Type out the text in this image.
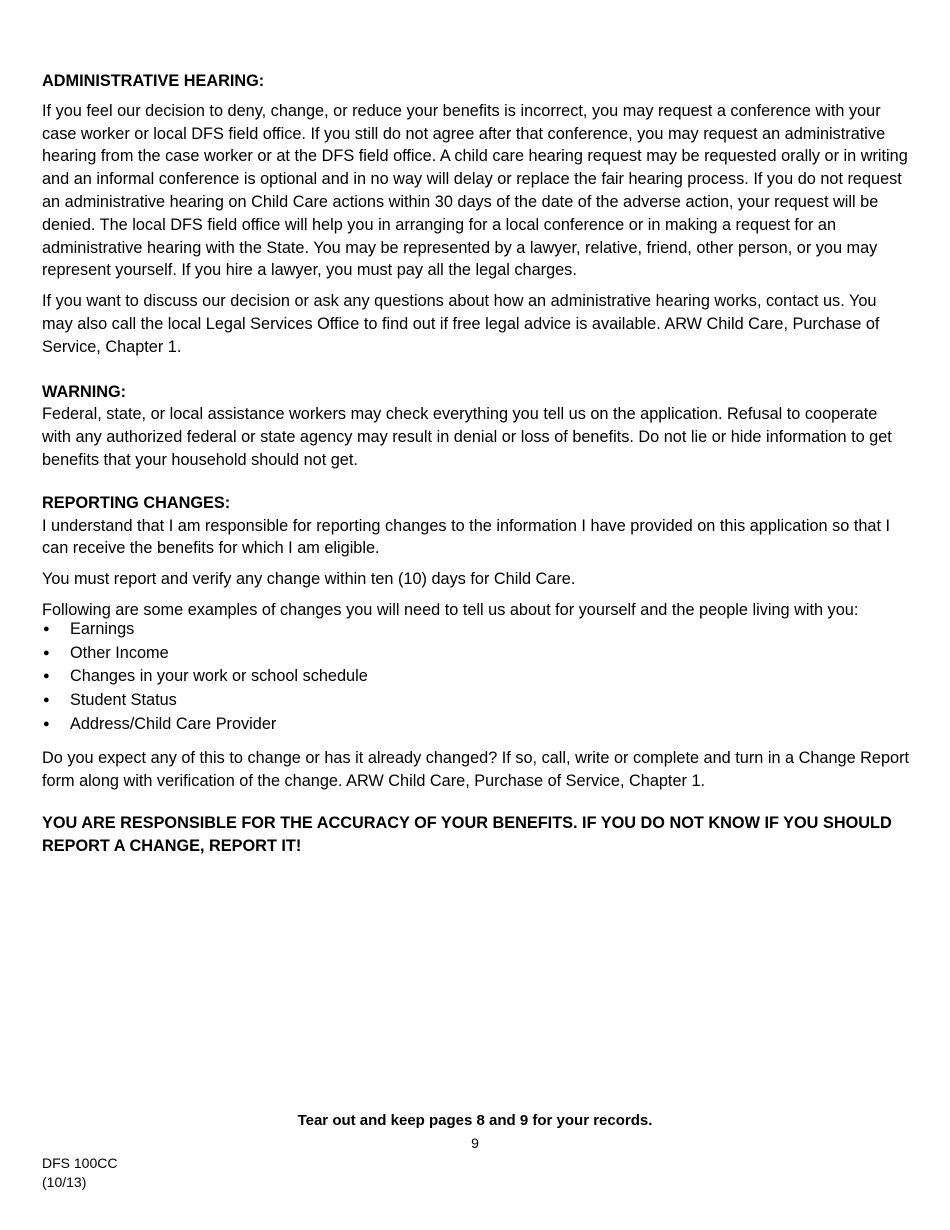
ADMINISTRATIVE HEARING:

If you feel our decision to deny, change, or reduce your benefits is incorrect, you may request a conference with your case worker or local DFS field office. If you still do not agree after that conference, you may request an administrative hearing from the case worker or at the DFS field office. A child care hearing request may be requested orally or in writing and an informal conference is optional and in no way will delay or replace the fair hearing process. If you do not request an administrative hearing on Child Care actions within 30 days of the date of the adverse action, your request will be denied. The local DFS field office will help you in arranging for a local conference or in making a request for an administrative hearing with the State. You may be represented by a lawyer, relative, friend, other person, or you may represent yourself. If you hire a lawyer, you must pay all the legal charges.

If you want to discuss our decision or ask any questions about how an administrative hearing works, contact us. You may also call the local Legal Services Office to find out if free legal advice is available. ARW Child Care, Purchase of Service, Chapter 1.

WARNING:

Federal, state, or local assistance workers may check everything you tell us on the application. Refusal to cooperate with any authorized federal or state agency may result in denial or loss of benefits. Do not lie or hide information to get benefits that your household should not get.

REPORTING CHANGES:

I understand that I am responsible for reporting changes to the information I have provided on this application so that I can receive the benefits for which I am eligible.

You must report and verify any change within ten (10) days for Child Care.

Following are some examples of changes you will need to tell us about for yourself and the people living with you:

● Earnings
● Other Income
● Changes in your work or school schedule
● Student Status
● Address/Child Care Provider

Do you expect any of this to change or has it already changed? If so, call, write or complete and turn in a Change Report form along with verification of the change. ARW Child Care, Purchase of Service, Chapter 1.

YOU ARE RESPONSIBLE FOR THE ACCURACY OF YOUR BENEFITS. IF YOU DO NOT KNOW IF YOU SHOULD REPORT A CHANGE, REPORT IT!

Tear out and keep pages 8 and 9 for your records.
9
DFS 100CC
(10/13)
